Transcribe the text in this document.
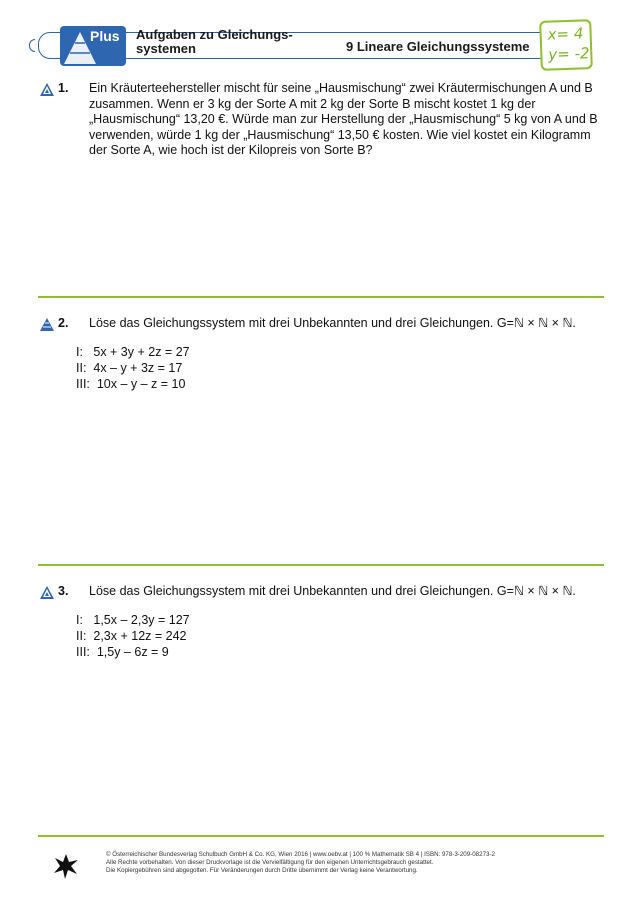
Plus Aufgaben zu Gleichungs-
systemen	9 Lineare Gleichungssysteme
x= 4
y= -2
1. Ein Kräuterteehersteller mischt für seine „Hausmischung“ zwei Kräutermischungen A und B zusammen. Wenn er 3 kg der Sorte A mit 2 kg der Sorte B mischt kostet 1 kg der „Hausmischung“ 13,20 €. Würde man zur Herstellung der „Hausmischung“ 5 kg von A und B verwenden, würde 1 kg der „Hausmischung“ 13,50 € kosten. Wie viel kostet ein Kilogramm der Sorte A, wie hoch ist der Kilopreis von Sorte B?
2. Löse das Gleichungssystem mit drei Unbekannten und drei Gleichungen. G=ℕ × ℕ × ℕ.
I:   5x + 3y + 2z = 27
II:  4x – y + 3z = 17
III:  10x – y – z = 10
3. Löse das Gleichungssystem mit drei Unbekannten und drei Gleichungen. G=ℕ × ℕ × ℕ.
I:   1,5x – 2,3y = 127
II:  2,3x + 12z = 242
III:  1,5y – 6z = 9
© Österreichischer Bundesverlag Schulbuch GmbH & Co. KG, Wien 2016 | www.oebv.at | 100 % Mathematik SB 4 | ISBN: 978-3-209-08273-2
Alle Rechte vorbehalten. Von dieser Druckvorlage ist die Vervielfältigung für den eigenen Unterrichtsgebrauch gestattet.
Die Kopiergebühren sind abgegolten. Für Veränderungen durch Dritte übernimmt der Verlag keine Verantwortung.
